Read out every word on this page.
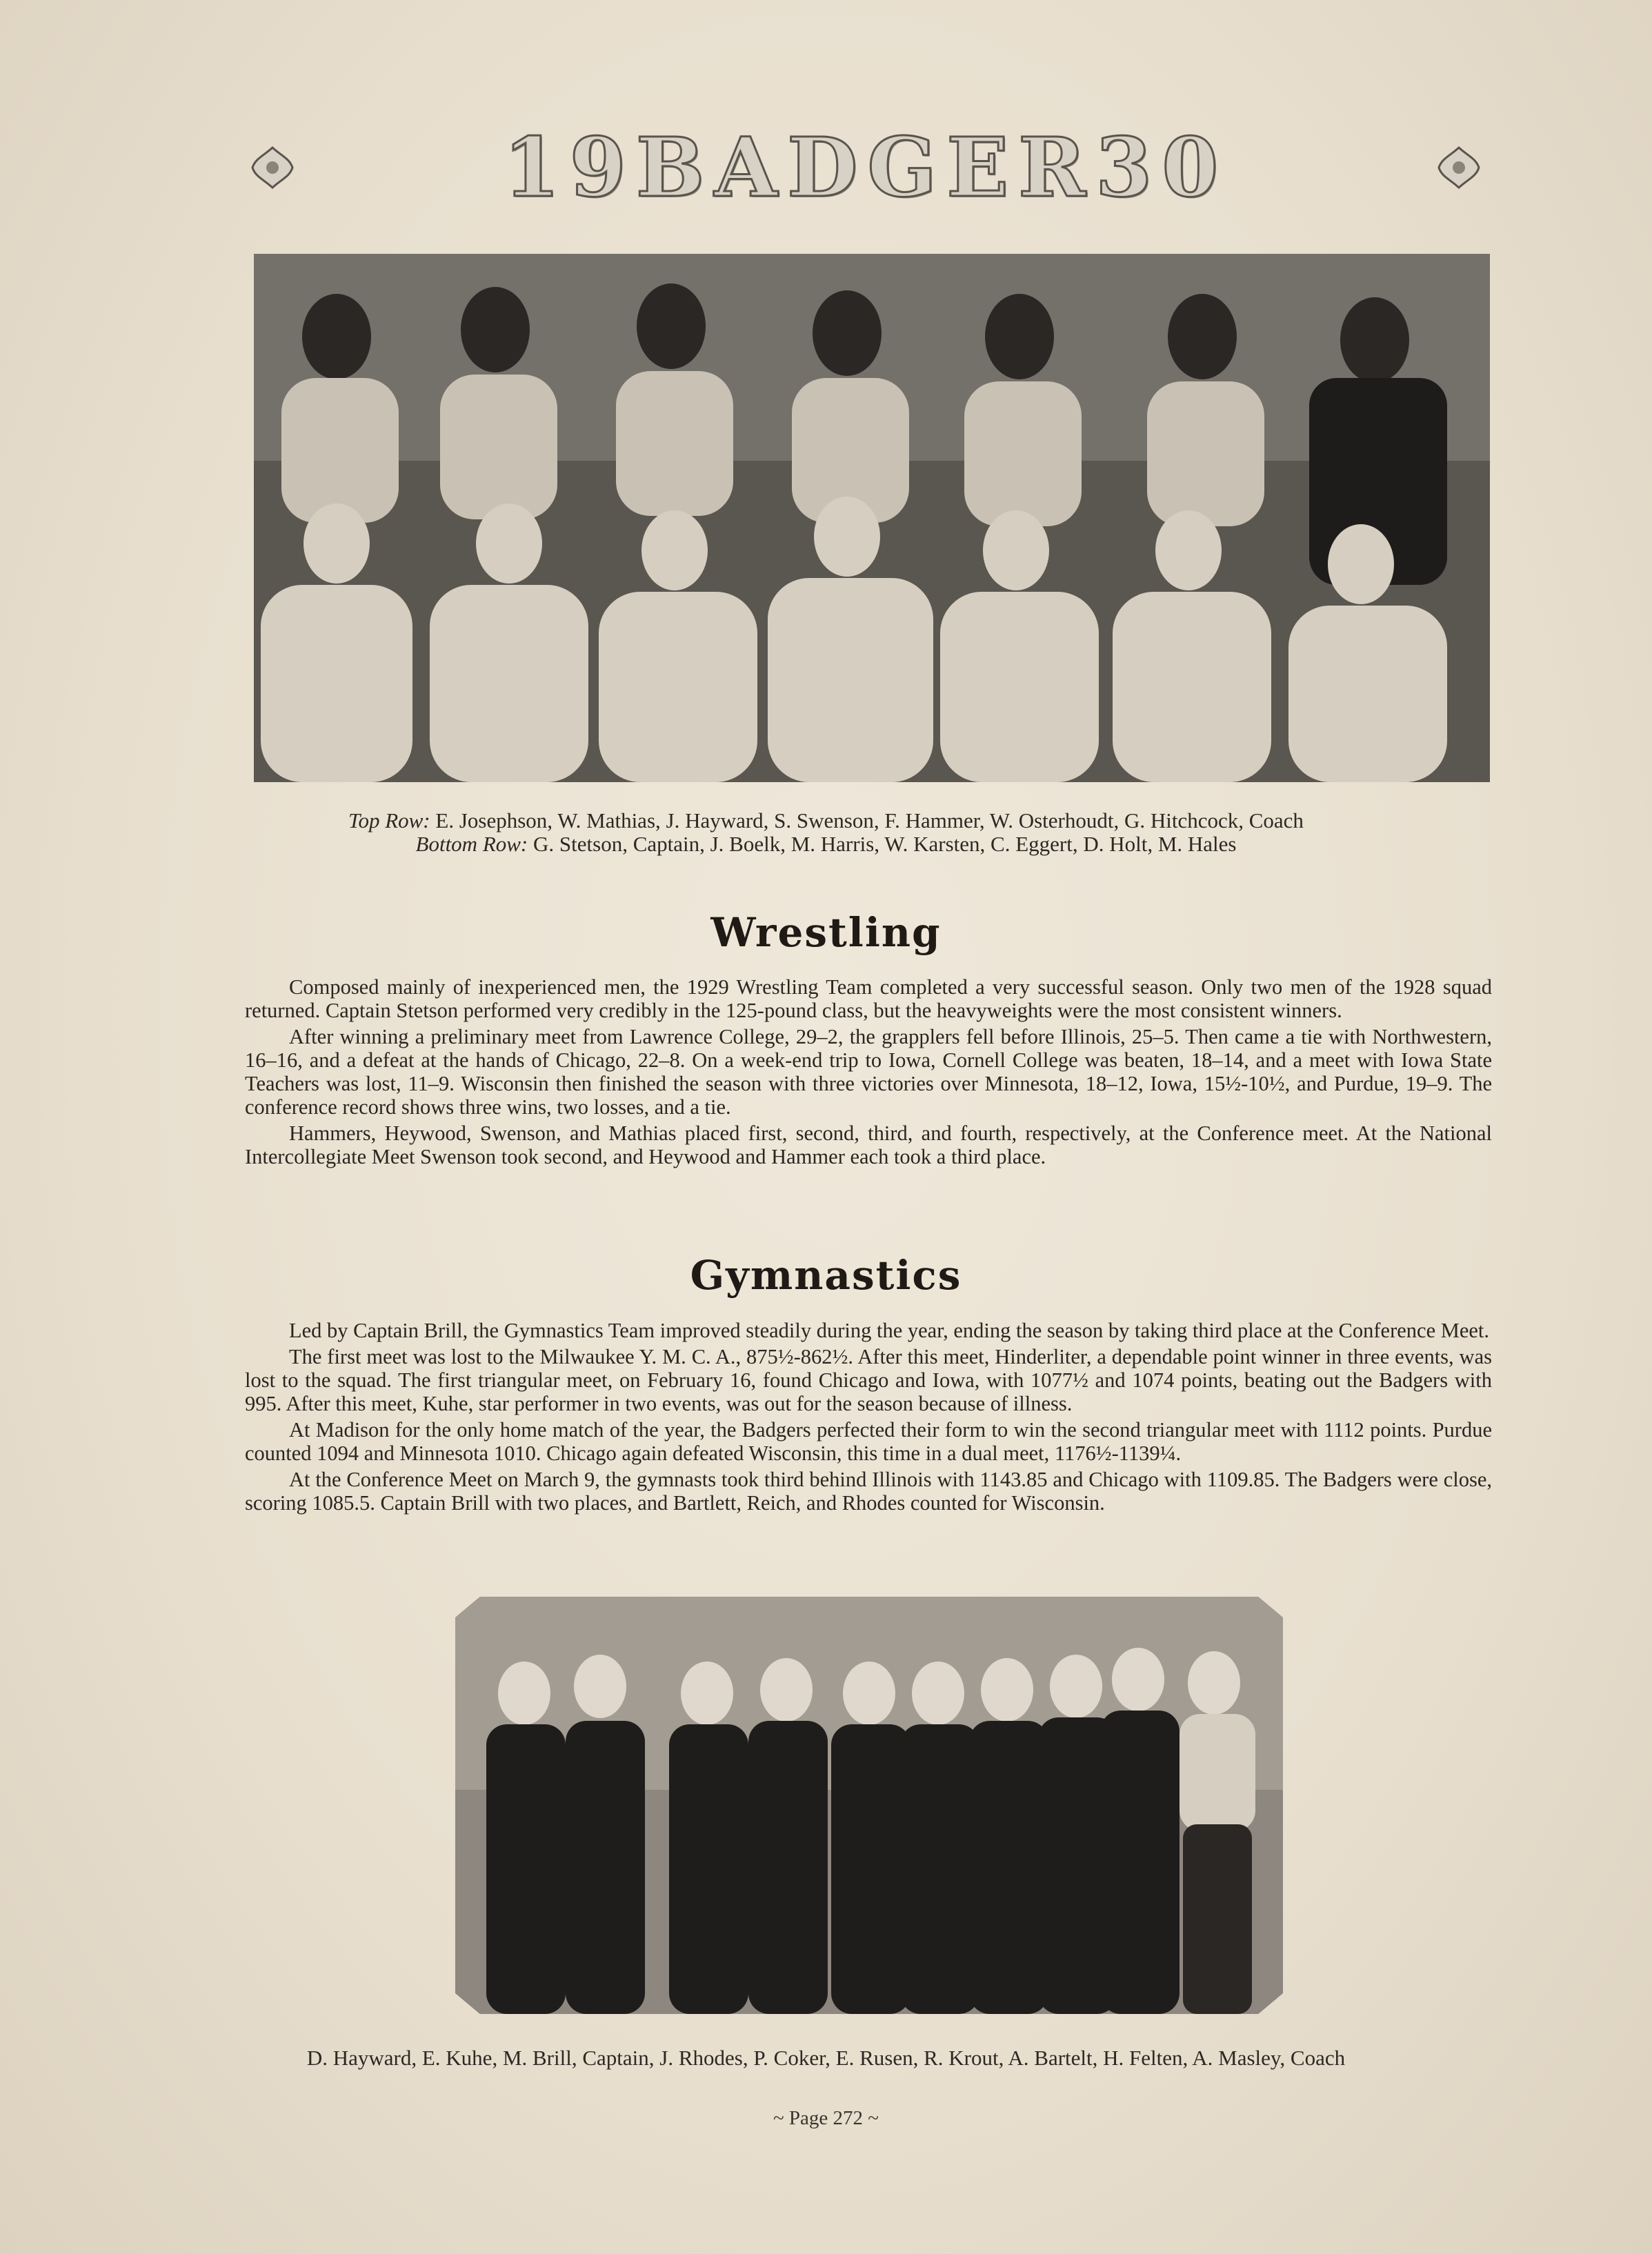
19BADGER30
Top Row: E. Josephson, W. Mathias, J. Hayward, S. Swenson, F. Hammer, W. Osterhoudt, G. Hitchcock, Coach
Bottom Row: G. Stetson, Captain, J. Boelk, M. Harris, W. Karsten, C. Eggert, D. Holt, M. Hales
Wrestling

Composed mainly of inexperienced men, the 1929 Wrestling Team completed a very successful season. Only two men of the 1928 squad returned. Captain Stetson performed very credibly in the 125-pound class, but the heavyweights were the most consistent winners.

After winning a preliminary meet from Lawrence College, 29–2, the grapplers fell before Illinois, 25–5. Then came a tie with Northwestern, 16–16, and a defeat at the hands of Chicago, 22–8. On a week-end trip to Iowa, Cornell College was beaten, 18–14, and a meet with Iowa State Teachers was lost, 11–9. Wisconsin then finished the season with three victories over Minnesota, 18–12, Iowa, 15½-10½, and Purdue, 19–9. The conference record shows three wins, two losses, and a tie.

Hammers, Heywood, Swenson, and Mathias placed first, second, third, and fourth, respectively, at the Conference meet. At the National Intercollegiate Meet Swenson took second, and Heywood and Hammer each took a third place.

Gymnastics

Led by Captain Brill, the Gymnastics Team improved steadily during the year, ending the season by taking third place at the Conference Meet.

The first meet was lost to the Milwaukee Y. M. C. A., 875½-862½. After this meet, Hinderliter, a dependable point winner in three events, was lost to the squad. The first triangular meet, on February 16, found Chicago and Iowa, with 1077½ and 1074 points, beating out the Badgers with 995. After this meet, Kuhe, star performer in two events, was out for the season because of illness.

At Madison for the only home match of the year, the Badgers perfected their form to win the second triangular meet with 1112 points. Purdue counted 1094 and Minnesota 1010. Chicago again defeated Wisconsin, this time in a dual meet, 1176½-1139¼.

At the Conference Meet on March 9, the gymnasts took third behind Illinois with 1143.85 and Chicago with 1109.85. The Badgers were close, scoring 1085.5. Captain Brill with two places, and Bartlett, Reich, and Rhodes counted for Wisconsin.

D. Hayward, E. Kuhe, M. Brill, Captain, J. Rhodes, P. Coker, E. Rusen, R. Krout, A. Bartelt, H. Felten, A. Masley, Coach
~ Page 272 ~
